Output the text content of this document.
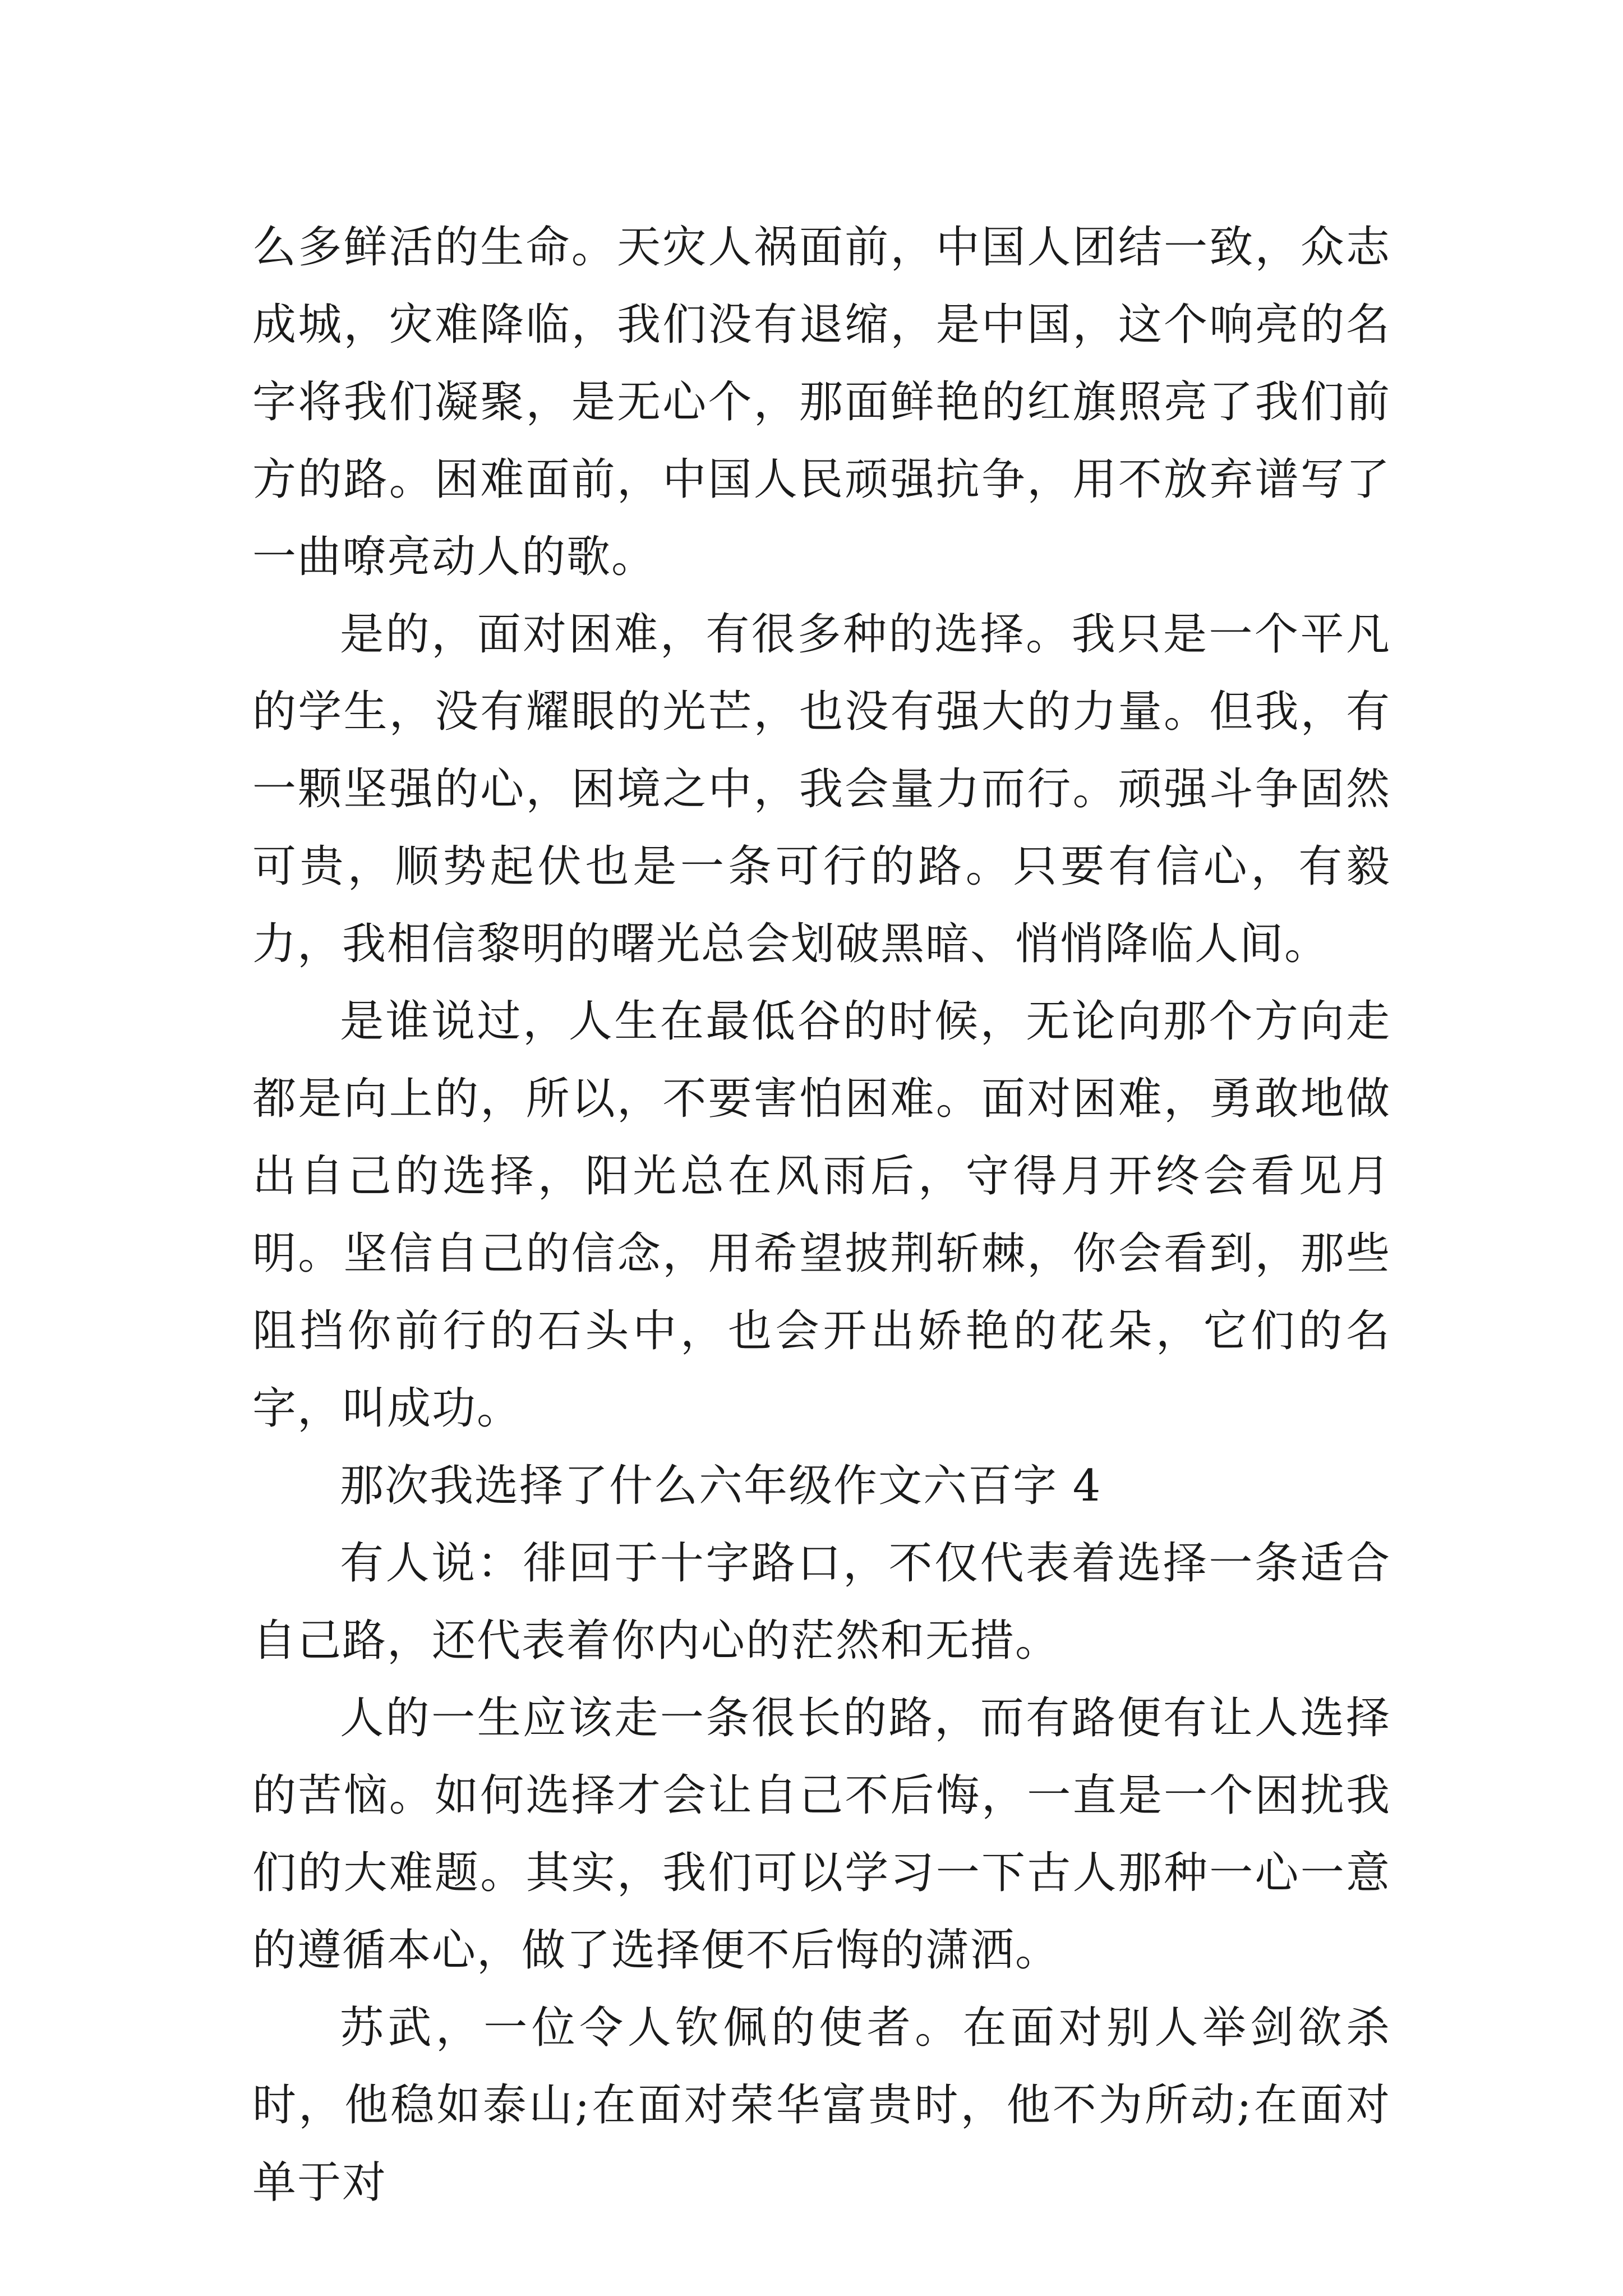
么多鲜活的生命。天灾人祸面前，中国人团结一致，众志成城，灾难降临，我们没有退缩，是中国，这个响亮的名字将我们凝聚，是无心个，那面鲜艳的红旗照亮了我们前方的路。困难面前，中国人民顽强抗争，用不放弃谱写了一曲嘹亮动人的歌。

是的，面对困难，有很多种的选择。我只是一个平凡的学生，没有耀眼的光芒，也没有强大的力量。但我，有一颗坚强的心，困境之中，我会量力而行。顽强斗争固然可贵，顺势起伏也是一条可行的路。只要有信心，有毅力，我相信黎明的曙光总会划破黑暗、悄悄降临人间。

是谁说过，人生在最低谷的时候，无论向那个方向走都是向上的，所以，不要害怕困难。面对困难，勇敢地做出自己的选择，阳光总在风雨后，守得月开终会看见月明。坚信自己的信念，用希望披荆斩棘，你会看到，那些阻挡你前行的石头中，也会开出娇艳的花朵，它们的名字，叫成功。

那次我选择了什么六年级作文六百字 4

有人说：徘回于十字路口，不仅代表着选择一条适合自己路，还代表着你内心的茫然和无措。

人的一生应该走一条很长的路，而有路便有让人选择的苦恼。如何选择才会让自己不后悔，一直是一个困扰我们的大难题。其实，我们可以学习一下古人那种一心一意的遵循本心，做了选择便不后悔的潇洒。

苏武，一位令人钦佩的使者。在面对别人举剑欲杀时，他稳如泰山;在面对荣华富贵时，他不为所动;在面对单于对
